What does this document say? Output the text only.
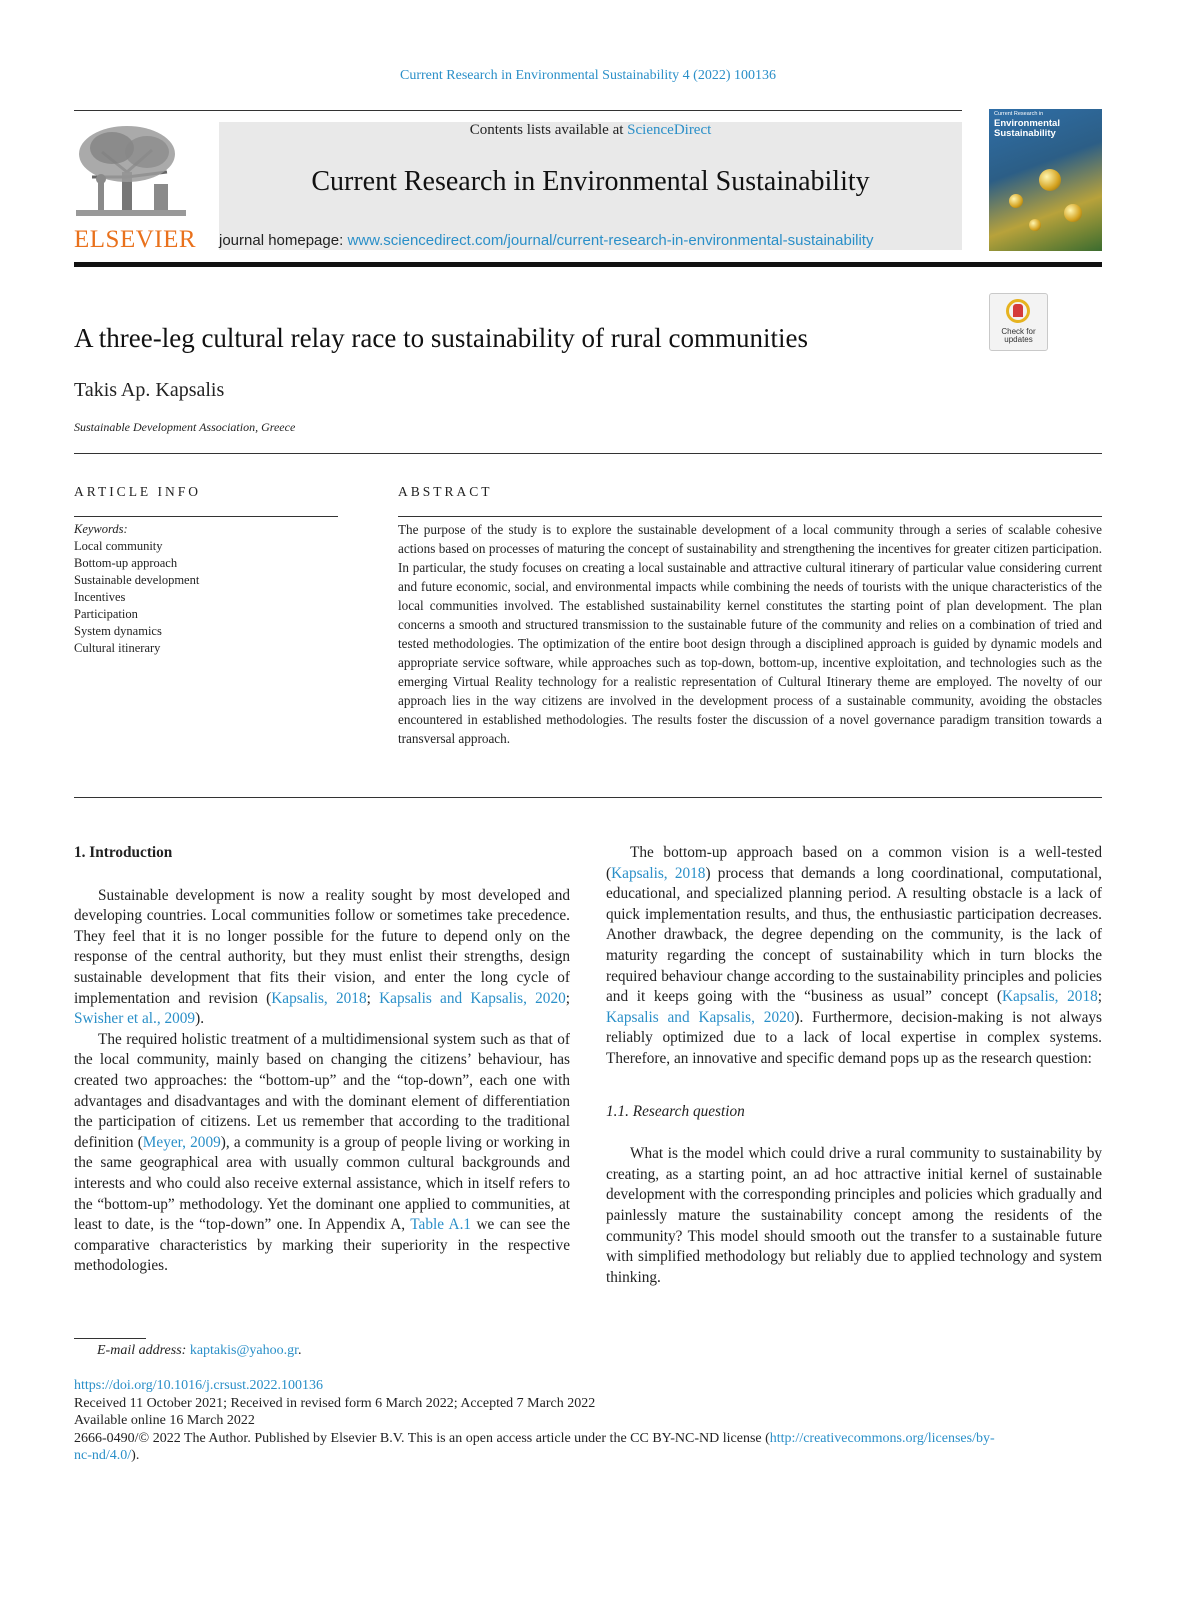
Current Research in Environmental Sustainability 4 (2022) 100136
ELSEVIER
Contents lists available at ScienceDirect
Current Research in Environmental Sustainability
journal homepage: www.sciencedirect.com/journal/current-research-in-environmental-sustainability
Current Research in
Environmental Sustainability
A three-leg cultural relay race to sustainability of rural communities	Check for updates
Takis Ap. Kapsalis
Sustainable Development Association, Greece
ARTICLE INFO	ABSTRACT
Keywords:
Local community
Bottom-up approach
Sustainable development
Incentives
Participation
System dynamics
Cultural itinerary
The purpose of the study is to explore the sustainable development of a local community through a series of scalable cohesive actions based on processes of maturing the concept of sustainability and strengthening the incentives for greater citizen participation. In particular, the study focuses on creating a local sustainable and attractive cultural itinerary of particular value considering current and future economic, social, and environmental impacts while combining the needs of tourists with the unique characteristics of the local communities involved. The established sustainability kernel constitutes the starting point of plan development. The plan concerns a smooth and structured transmission to the sustainable future of the community and relies on a combination of tried and tested methodologies. The optimization of the entire boot design through a disciplined approach is guided by dynamic models and appropriate service software, while approaches such as top-down, bottom-up, incentive exploitation, and technologies such as the emerging Virtual Reality technology for a realistic representation of Cultural Itinerary theme are employed. The novelty of our approach lies in the way citizens are involved in the development process of a sustainable community, avoiding the obstacles encountered in established methodologies. The results foster the discussion of a novel governance paradigm transition towards a transversal approach.

1. Introduction

Sustainable development is now a reality sought by most developed and developing countries. Local communities follow or sometimes take precedence. They feel that it is no longer possible for the future to depend only on the response of the central authority, but they must enlist their strengths, design sustainable development that fits their vision, and enter the long cycle of implementation and revision (Kapsalis, 2018; Kapsalis and Kapsalis, 2020; Swisher et al., 2009).

The required holistic treatment of a multidimensional system such as that of the local community, mainly based on changing the citizens’ behaviour, has created two approaches: the “bottom-up” and the “top-down”, each one with advantages and disadvantages and with the dominant element of differentiation the participation of citizens. Let us remember that according to the traditional definition (Meyer, 2009), a community is a group of people living or working in the same geographical area with usually common cultural backgrounds and interests and who could also receive external assistance, which in itself refers to the “bottom-up” methodology. Yet the dominant one applied to communities, at least to date, is the “top-down” one. In Appendix A, Table A.1 we can see the comparative characteristics by marking their superiority in the respective methodologies.

The bottom-up approach based on a common vision is a well-tested (Kapsalis, 2018) process that demands a long coordinational, computational, educational, and specialized planning period. A resulting obstacle is a lack of quick implementation results, and thus, the enthusiastic participation decreases. Another drawback, the degree depending on the community, is the lack of maturity regarding the concept of sustainability which in turn blocks the required behaviour change according to the sustainability principles and policies and it keeps going with the “business as usual” concept (Kapsalis, 2018; Kapsalis and Kapsalis, 2020). Furthermore, decision-making is not always reliably optimized due to a lack of local expertise in complex systems. Therefore, an innovative and specific demand pops up as the research question:

1.1. Research question

What is the model which could drive a rural community to sustainability by creating, as a starting point, an ad hoc attractive initial kernel of sustainable development with the corresponding principles and policies which gradually and painlessly mature the sustainability concept among the residents of the community? This model should smooth out the transfer to a sustainable future with simplified methodology but reliably due to applied technology and system thinking.

E-mail address: kaptakis@yahoo.gr.
https://doi.org/10.1016/j.crsust.2022.100136
Received 11 October 2021; Received in revised form 6 March 2022; Accepted 7 March 2022
Available online 16 March 2022
2666-0490/© 2022 The Author. Published by Elsevier B.V. This is an open access article under the CC BY-NC-ND license (http://creativecommons.org/licenses/by-
nc-nd/4.0/).
